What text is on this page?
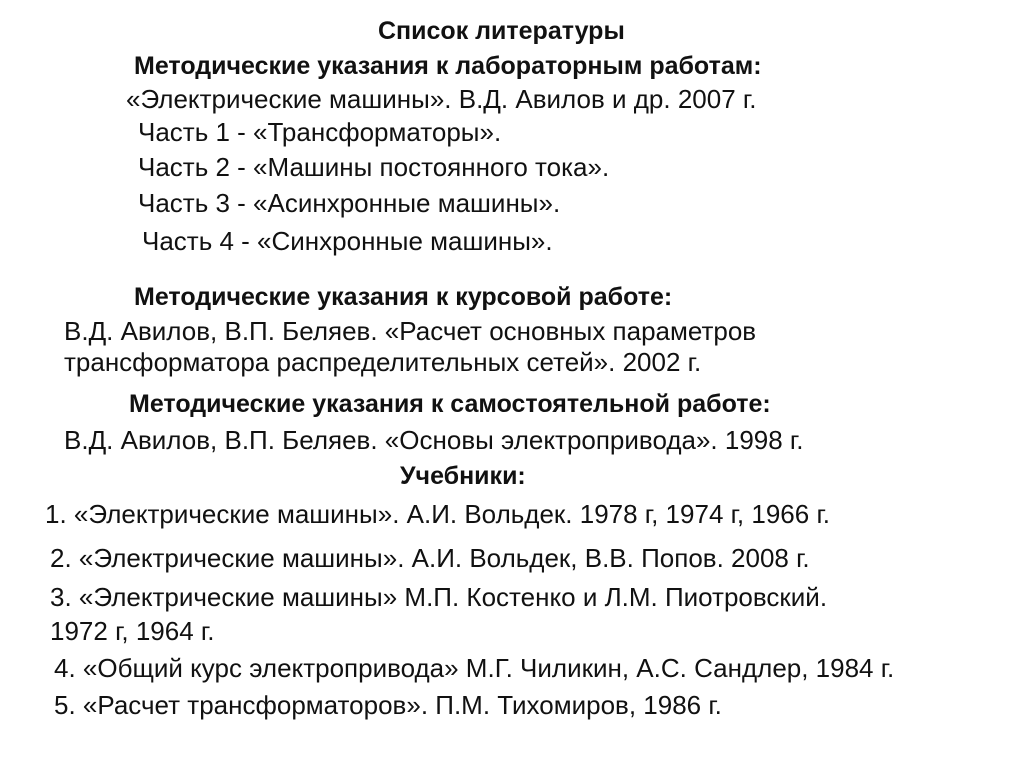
Список литературы
Методические указания к лабораторным работам:
«Электрические машины». В.Д. Авилов и др. 2007 г.
Часть 1 - «Трансформаторы».
Часть 2 - «Машины постоянного тока».
Часть 3 - «Асинхронные машины».
Часть 4 - «Синхронные машины».
Методические указания к курсовой работе:
В.Д. Авилов, В.П. Беляев. «Расчет основных параметров
трансформатора распределительных сетей». 2002 г.
Методические указания к самостоятельной работе:
В.Д. Авилов, В.П. Беляев. «Основы электропривода». 1998 г.
Учебники:
1. «Электрические машины». А.И. Вольдек. 1978 г, 1974 г, 1966 г.
2. «Электрические машины». А.И. Вольдек, В.В. Попов. 2008 г.
3. «Электрические машины» М.П. Костенко и Л.М. Пиотровский.
1972 г, 1964 г.
4. «Общий курс электропривода» М.Г. Чиликин, А.С. Сандлер, 1984 г.
5. «Расчет трансформаторов». П.М. Тихомиров, 1986 г.
